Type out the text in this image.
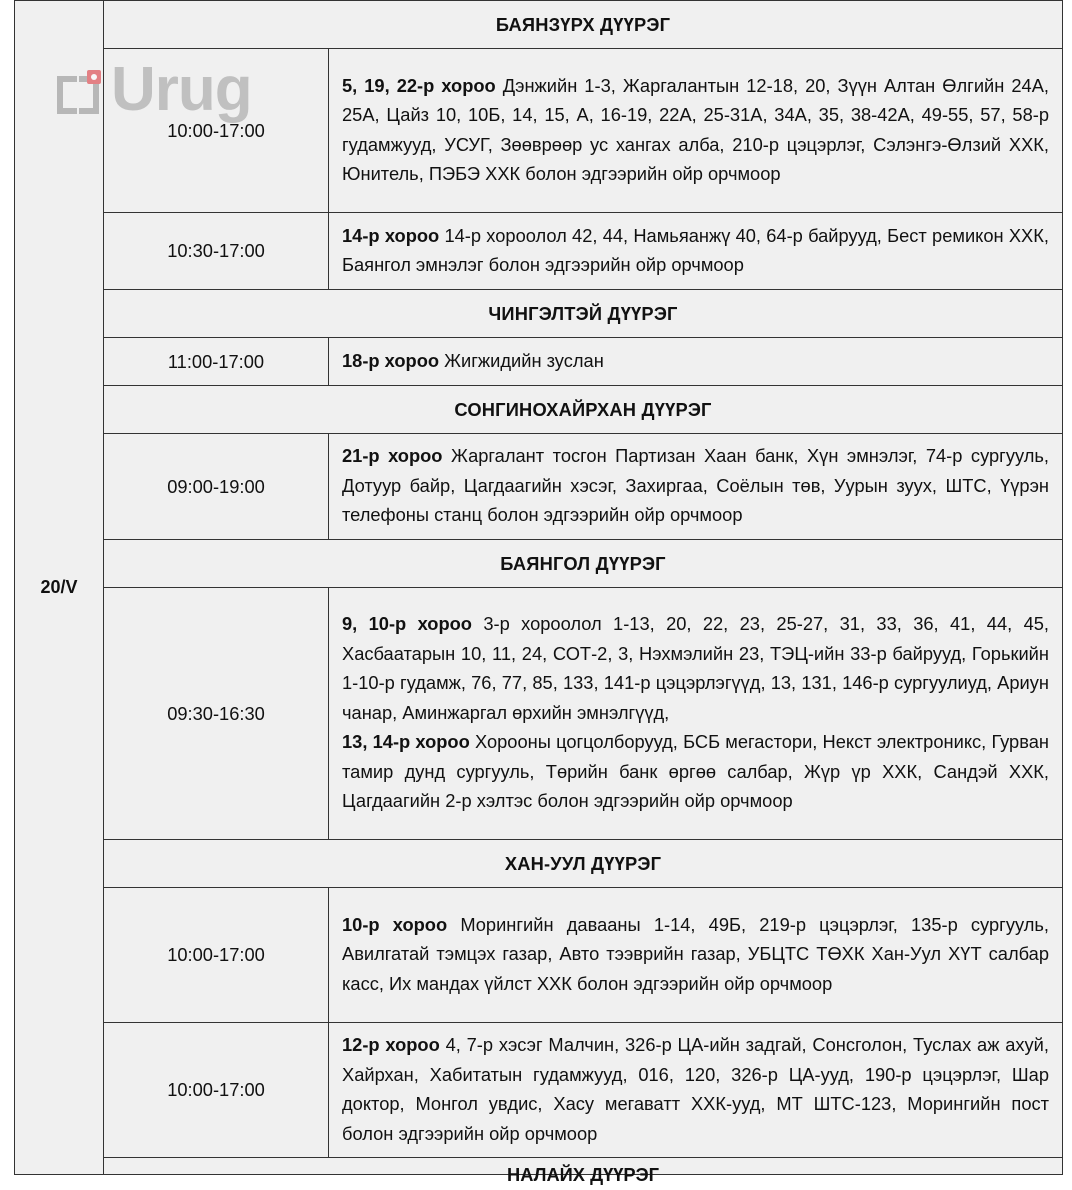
20/V	БАЯНЗҮРХ ДҮҮРЭГ	
	10:00-17:00	5, 19, 22-р хороо Дэнжийн 1-3, Жаргалантын 12-18, 20, Зүүн Алтан Өлгийн 24А, 25А, Цайз 10, 10Б, 14, 15, А, 16-19, 22А, 25-31А, 34А, 35, 38-42А, 49-55, 57, 58-р гудамжууд, УСУГ, Зөөврөөр ус хангах алба, 210-р цэцэрлэг, Сэлэнгэ-Өлзий ХХК, Юнитель, ПЭБЭ ХХК болон эдгээрийн ойр орчмоор

	10:30-17:00	14-р хороо 14-р хороолол 42, 44, Намьяанжү 40, 64-р байрууд, Бест ремикон ХХК, Баянгол эмнэлэг болон эдгээрийн ойр орчмоор

	ЧИНГЭЛТЭЙ ДҮҮРЭГ	
	11:00-17:00	18-р хороо Жигжидийн зуслан

	СОНГИНОХАЙРХАН ДҮҮРЭГ	
	09:00-19:00	21-р хороо Жаргалант тосгон Партизан Хаан банк, Хүн эмнэлэг, 74-р сургууль, Дотуур байр, Цагдаагийн хэсэг, Захиргаа, Соёлын төв, Уурын зуух, ШТС, Үүрэн телефоны станц болон эдгээрийн ойр орчмоор

	БАЯНГОЛ ДҮҮРЭГ	
	09:30-16:30	9, 10-р хороо 3-р хороолол 1-13, 20, 22, 23, 25-27, 31, 33, 36, 41, 44, 45, Хасбаатарын 10, 11, 24, СОТ-2, 3, Нэхмэлийн 23, ТЭЦ-ийн 33-р байрууд, Горькийн 1-10-р гудамж, 76, 77, 85, 133, 141-р цэцэрлэгүүд, 13, 131, 146-р сургуулиуд, Ариун чанар, Аминжаргал өрхийн эмнэлгүүд,
13, 14-р хороо Хорооны цогцолборууд, БСБ мегастори, Некст электроникс, Гурван тамир дунд сургууль, Төрийн банк өргөө салбар, Жүр үр ХХК, Сандэй ХХК, Цагдаагийн 2-р хэлтэс болон эдгээрийн ойр орчмоор

	ХАН-УУЛ ДҮҮРЭГ	
	10:00-17:00	10-р хороо Морингийн давааны 1-14, 49Б, 219-р цэцэрлэг, 135-р сургууль, Авилгатай тэмцэх газар, Авто тээврийн газар, УБЦТС ТӨХК Хан-Уул ХҮТ салбар касс, Их мандах үйлст ХХК болон эдгээрийн ойр орчмоор

	10:00-17:00	12-р хороо 4, 7-р хэсэг Малчин, 326-р ЦА-ийн задгай, Сонсголон, Туслах аж ахуй, Хайрхан, Хабитатын гудамжууд, 016, 120, 326-р ЦА-ууд, 190-р цэцэрлэг, Шар доктор, Монгол увдис, Хасу мегаватт ХХК-ууд, МТ ШТС-123, Морингийн пост болон эдгээрийн ойр орчмоор

	НАЛАЙХ ДҮҮРЭГ	
Urug
